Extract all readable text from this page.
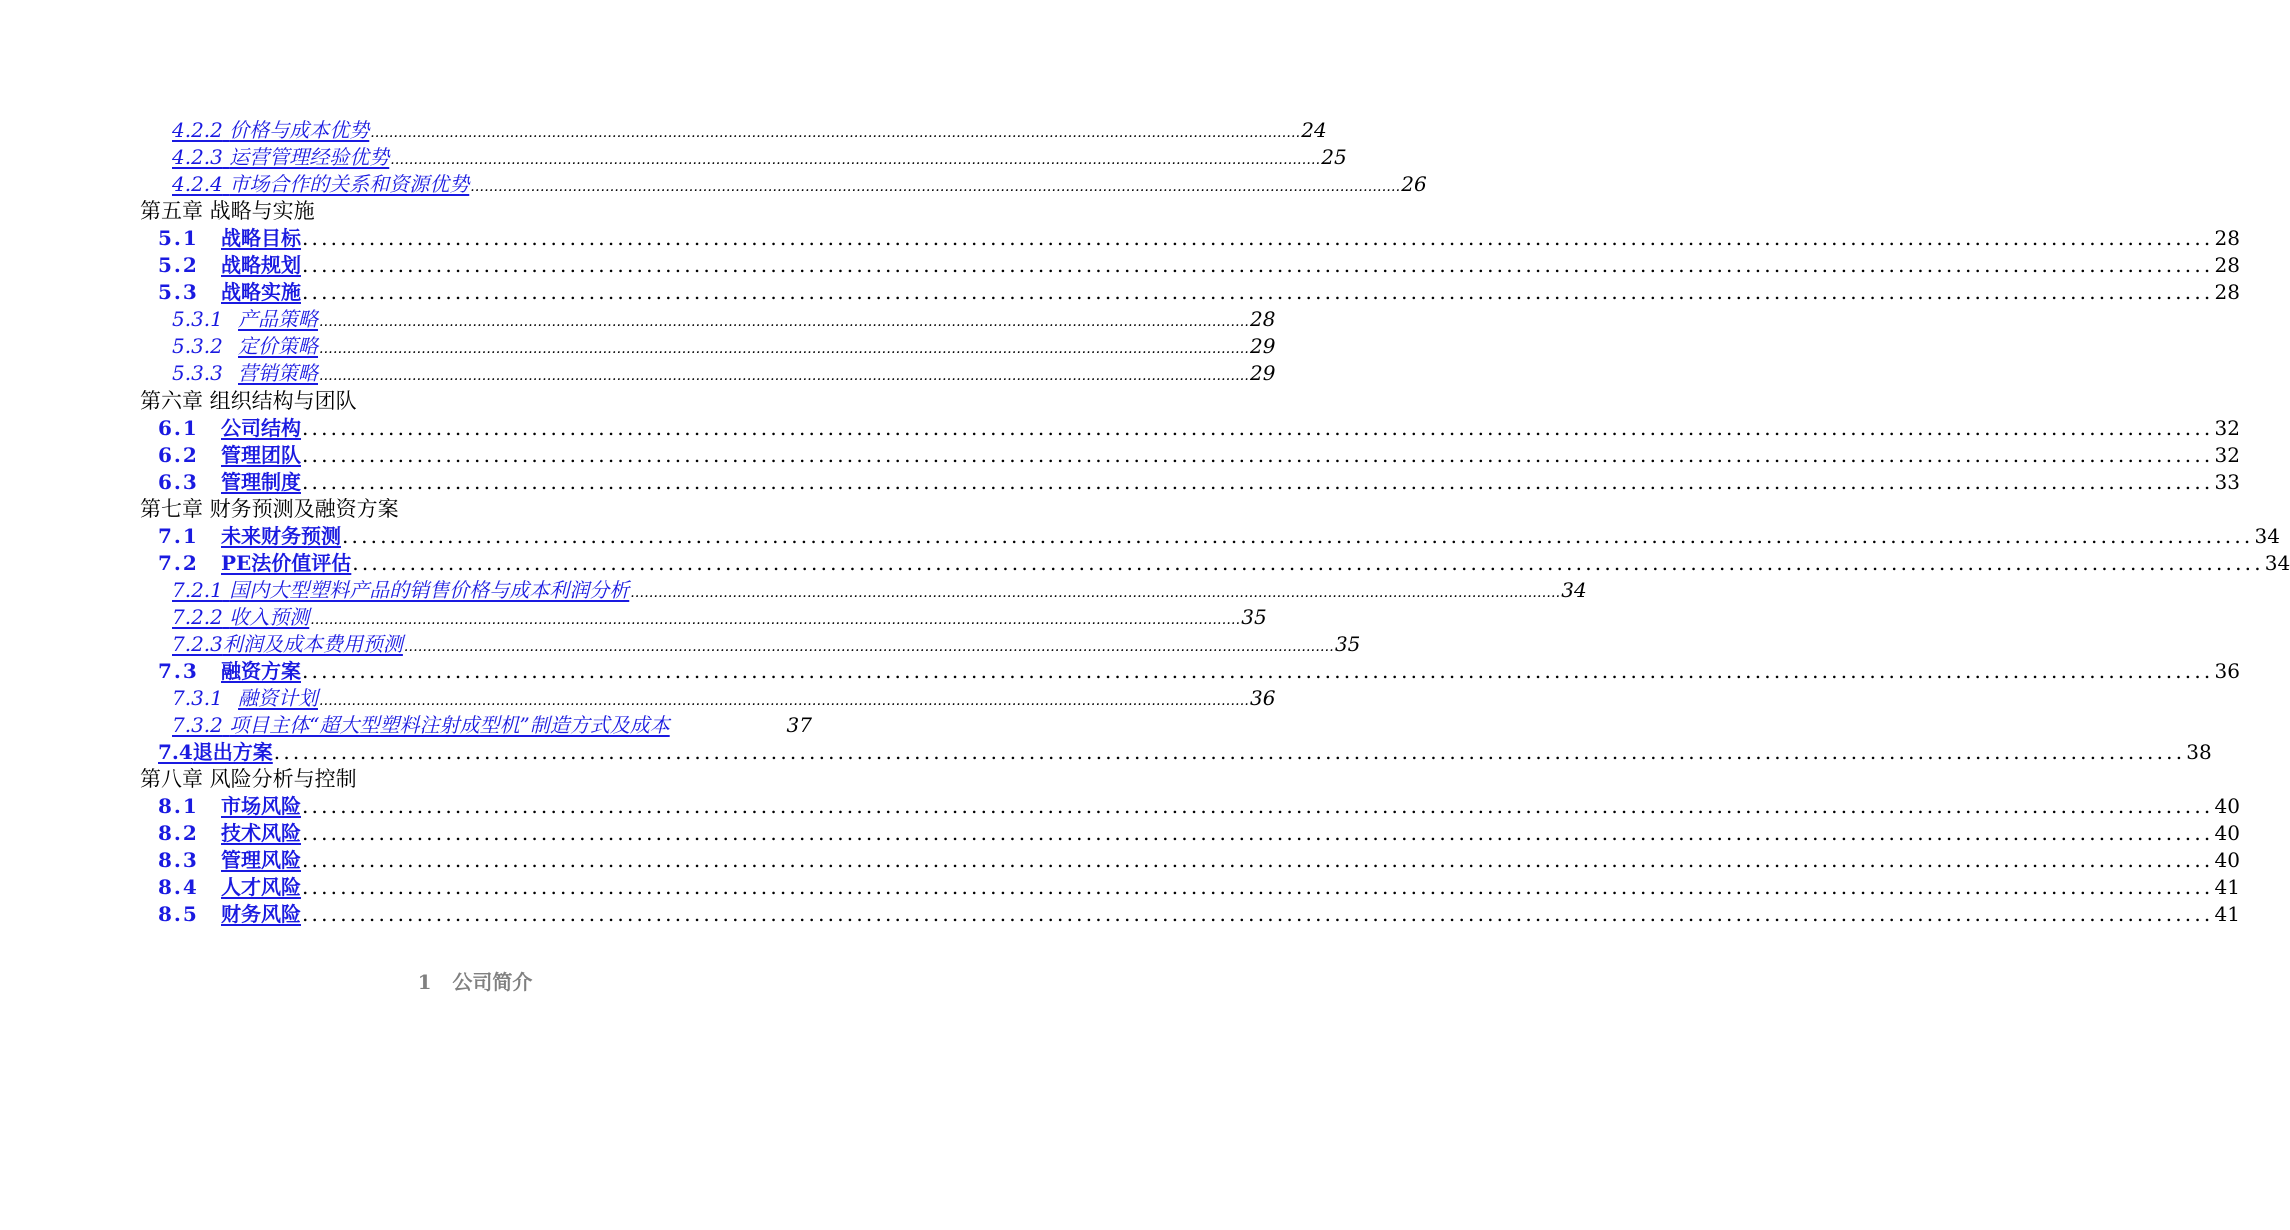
4.2.2 价格与成本优势 ........................................................................................................................................................................................................ 24
4.2.3 运营管理经验优势 ........................................................................................................................................................................................................ 25
4.2.4 市场合作的关系和资源优势 ........................................................................................................................................................................................................ 26
第五章 战略与实施
5.1 战略目标 ........................................................................................................................................................................................................ 28
5.2 战略规划 ........................................................................................................................................................................................................ 28
5.3 战略实施 ........................................................................................................................................................................................................ 28
5.3.1 产品策略 ........................................................................................................................................................................................................ 28
5.3.2 定价策略 ........................................................................................................................................................................................................ 29
5.3.3 营销策略 ........................................................................................................................................................................................................ 29
第六章 组织结构与团队
6.1 公司结构 ........................................................................................................................................................................................................ 32
6.2 管理团队 ........................................................................................................................................................................................................ 32
6.3 管理制度 ........................................................................................................................................................................................................ 33
第七章 财务预测及融资方案
7.1 未来财务预测 ........................................................................................................................................................................................................ 34
7.2 PE法价值评估 ........................................................................................................................................................................................................ 34
7.2.1 国内大型塑料产品的销售价格与成本利润分析 ........................................................................................................................................................................................................ 34
7.2.2 收入预测 ........................................................................................................................................................................................................ 35
7.2.3利润及成本费用预测 ........................................................................................................................................................................................................ 35
7.3 融资方案 ........................................................................................................................................................................................................ 36
7.3.1 融资计划 ........................................................................................................................................................................................................ 36
7.3.2 项目主体“超大型塑料注射成型机”制造方式及成本	37
7.4退出方案 ........................................................................................................................................................................................................ 38
第八章 风险分析与控制
8.1 市场风险 ........................................................................................................................................................................................................ 40
8.2 技术风险 ........................................................................................................................................................................................................ 40
8.3 管理风险 ........................................................................................................................................................................................................ 40
8.4 人才风险 ........................................................................................................................................................................................................ 41
8.5 财务风险 ........................................................................................................................................................................................................ 41
1 公司简介
